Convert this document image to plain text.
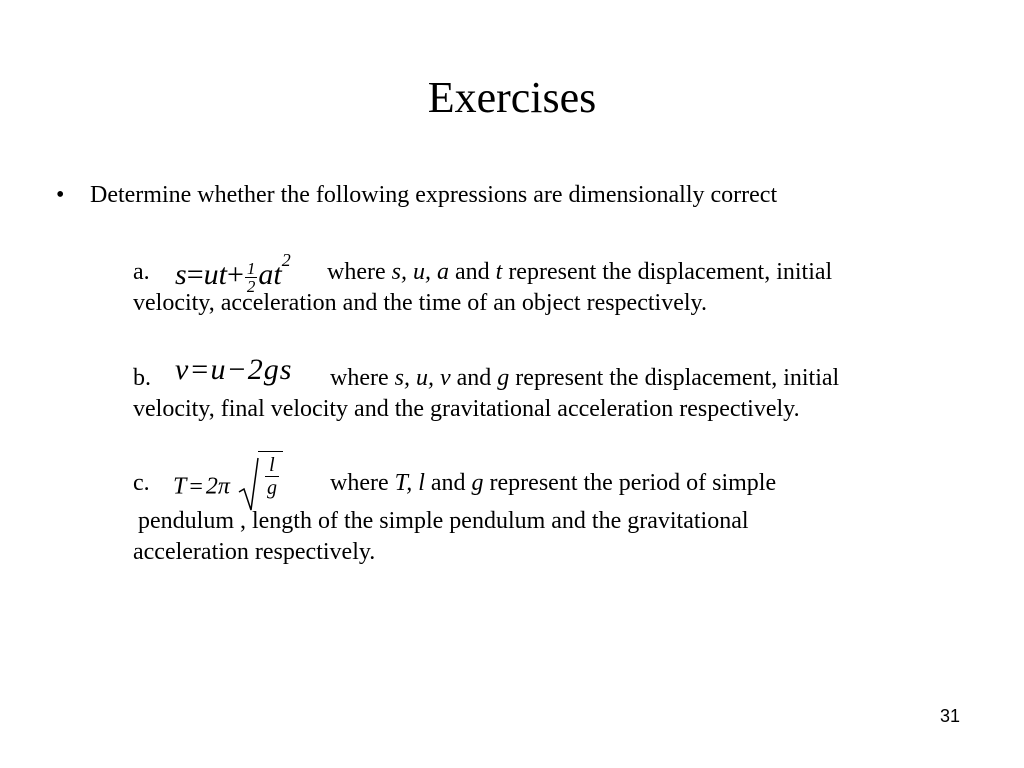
Exercises
• Determine whether the following expressions are dimensionally correct
a. $s=ut+ \frac{1}{2} at^2$ where s, u, a and t represent the displacement, initial
velocity, acceleration and the time of an object respectively.
b. v=u−2gs where s, u, v and g represent the displacement, initial
velocity, final velocity and the gravitational acceleration respectively.
c. $T = 2\pi \frac{l}{g}$ where T, l and g represent the period of simple
pendulum , length of the simple pendulum and the gravitational
acceleration respectively.
31
